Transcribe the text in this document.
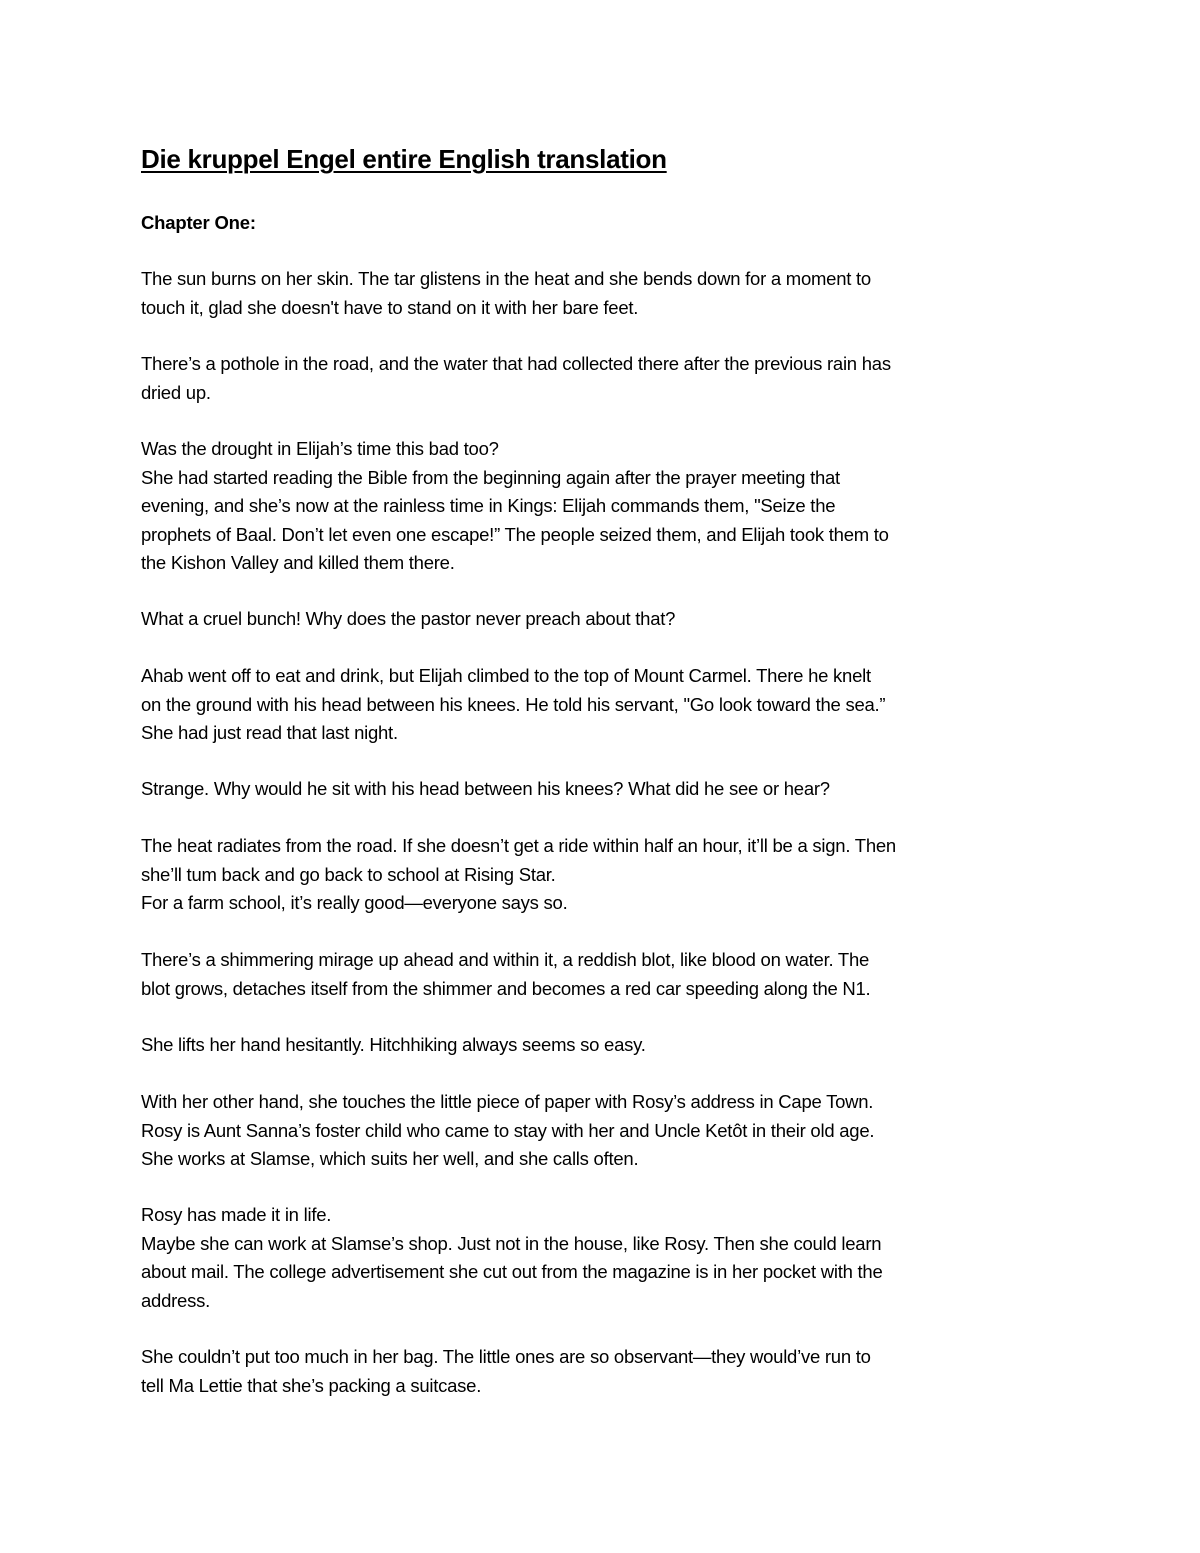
Die kruppel Engel entire English translation
Chapter One:

The sun burns on her skin. The tar glistens in the heat and she bends down for a moment to
touch it, glad she doesn't have to stand on it with her bare feet.

There’s a pothole in the road, and the water that had collected there after the previous rain has
dried up.

Was the drought in Elijah’s time this bad too?
She had started reading the Bible from the beginning again after the prayer meeting that
evening, and she’s now at the rainless time in Kings: Elijah commands them, "Seize the
prophets of Baal. Don’t let even one escape!” The people seized them, and Elijah took them to
the Kishon Valley and killed them there.

What a cruel bunch! Why does the pastor never preach about that?

Ahab went off to eat and drink, but Elijah climbed to the top of Mount Carmel. There he knelt
on the ground with his head between his knees. He told his servant, "Go look toward the sea.”
She had just read that last night.

Strange. Why would he sit with his head between his knees? What did he see or hear?

The heat radiates from the road. If she doesn’t get a ride within half an hour, it’ll be a sign. Then
she’ll tum back and go back to school at Rising Star.
For a farm school, it’s really good—everyone says so.

There’s a shimmering mirage up ahead and within it, a reddish blot, like blood on water. The
blot grows, detaches itself from the shimmer and becomes a red car speeding along the N1.

She lifts her hand hesitantly. Hitchhiking always seems so easy.

With her other hand, she touches the little piece of paper with Rosy’s address in Cape Town.
Rosy is Aunt Sanna’s foster child who came to stay with her and Uncle Ketôt in their old age.
She works at Slamse, which suits her well, and she calls often.

Rosy has made it in life.
Maybe she can work at Slamse’s shop. Just not in the house, like Rosy. Then she could learn
about mail. The college advertisement she cut out from the magazine is in her pocket with the
address.

She couldn’t put too much in her bag. The little ones are so observant—they would’ve run to
tell Ma Lettie that she’s packing a suitcase.
